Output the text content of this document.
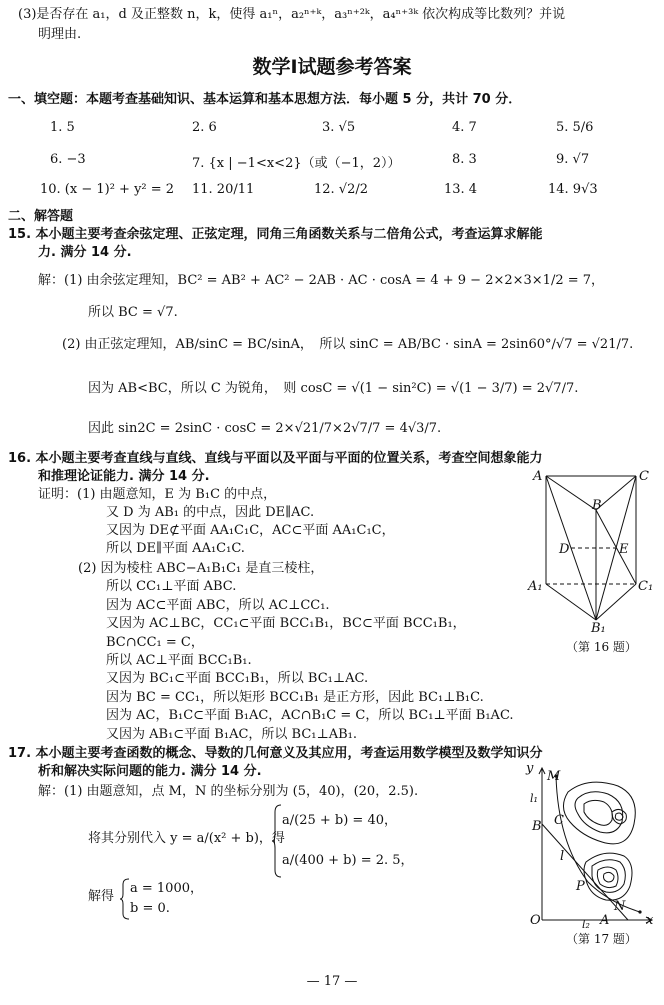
(3)是否存在 a₁，d 及正整数 n，k，使得 a₁ⁿ，a₂ⁿ⁺ᵏ，a₃ⁿ⁺²ᵏ，a₄ⁿ⁺³ᵏ 依次构成等比数列？并说
明理由.
数学Ⅰ试题参考答案
一、填空题：本题考查基础知识、基本运算和基本思想方法．每小题 5 分，共计 70 分．
1. 5	2. 6	3. √5	4. 7	5. 5/6
6. −3	7. {x | −1<x<2}（或（−1，2））	8. 3	9. √7
10. (x − 1)² + y² = 2 11. 20/11	12. √2/2	13. 4	14. 9√3
二、解答题
15. 本小题主要考查余弦定理、正弦定理，同角三角函数关系与二倍角公式，考查运算求解能
力. 满分 14 分.
解：(1) 由余弦定理知，BC² = AB² + AC² − 2AB · AC · cosA = 4 + 9 − 2×2×3×1/2 = 7，
所以 BC = √7.
(2) 由正弦定理知，AB/sinC = BC/sinA，　所以 sinC = AB/BC · sinA = 2sin60°/√7 = √21/7.
因为 AB<BC，所以 C 为锐角，　则 cosC = √(1 − sin²C) = √(1 − 3/7) = 2√7/7.
因此 sin2C = 2sinC · cosC = 2×√21/7×2√7/7 = 4√3/7.
16. 本小题主要考查直线与直线、直线与平面以及平面与平面的位置关系，考查空间想象能力
和推理论证能力. 满分 14 分.
证明：(1) 由题意知，E 为 B₁C 的中点，
又 D 为 AB₁ 的中点，因此 DE∥AC.
又因为 DE⊄平面 AA₁C₁C，AC⊂平面 AA₁C₁C，
所以 DE∥平面 AA₁C₁C.
(2) 因为棱柱 ABC−A₁B₁C₁ 是直三棱柱，
所以 CC₁⊥平面 ABC.
因为 AC⊂平面 ABC，所以 AC⊥CC₁.
又因为 AC⊥BC，CC₁⊂平面 BCC₁B₁，BC⊂平面 BCC₁B₁，
BC∩CC₁ = C，
所以 AC⊥平面 BCC₁B₁.
又因为 BC₁⊂平面 BCC₁B₁，所以 BC₁⊥AC.
因为 BC = CC₁，所以矩形 BCC₁B₁ 是正方形，因此 BC₁⊥B₁C.
因为 AC，B₁C⊂平面 B₁AC，AC∩B₁C = C，所以 BC₁⊥平面 B₁AC.
又因为 AB₁⊂平面 B₁AC，所以 BC₁⊥AB₁.
A	C
B
D	E
A₁	C₁
B₁
（第 16 题）
17. 本小题主要考查函数的概念、导数的几何意义及其应用，考查运用数学模型及数学知识分
析和解决实际问题的能力. 满分 14 分.
解：(1) 由题意知，点 M，N 的坐标分别为 (5，40)，(20，2.5).
将其分别代入 y = a/(x² + b)，得
a/(25 + b) = 40，
a/(400 + b) = 2. 5，
解得
a = 1000，
b = 0.
y
M
l₁
B C
l
P
N
O	A
l₂	x
（第 17 题）
— 17 —
